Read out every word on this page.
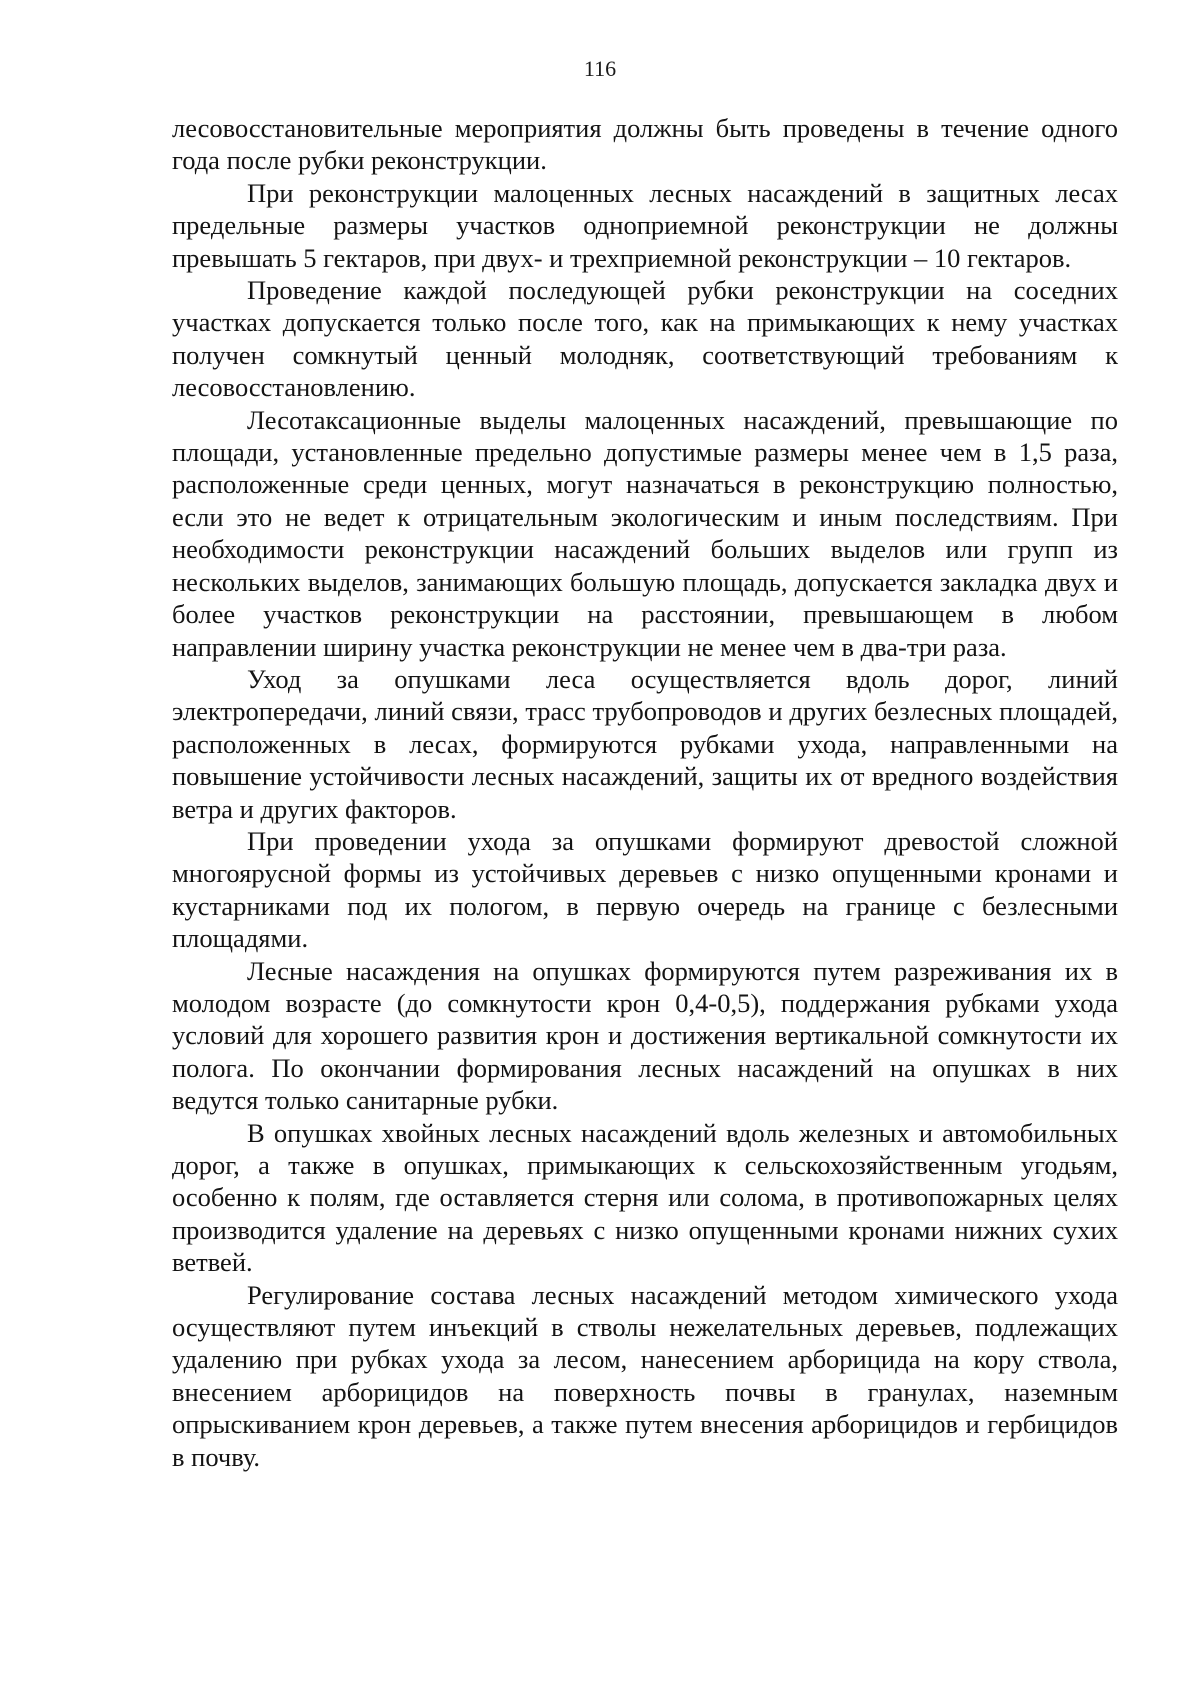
116

лесовосстановительные мероприятия должны быть проведены в течение одного года после рубки реконструкции.

При реконструкции малоценных лесных насаждений в защитных лесах предельные размеры участков одноприемной реконструкции не должны превышать 5 гектаров, при двух- и трехприемной реконструкции – 10 гектаров.

Проведение каждой последующей рубки реконструкции на соседних участках допускается только после того, как на примыкающих к нему участках получен сомкнутый ценный молодняк, соответствующий требованиям к лесовосстановлению.

Лесотаксационные выделы малоценных насаждений, превышающие по площади, установленные предельно допустимые размеры менее чем в 1,5 раза, расположенные среди ценных, могут назначаться в реконструкцию полностью, если это не ведет к отрицательным экологическим и иным последствиям. При необходимости реконструкции насаждений больших выделов или групп из нескольких выделов, занимающих большую площадь, допускается закладка двух и более участков реконструкции на расстоянии, превышающем в любом направлении ширину участка реконструкции не менее чем в два-три раза.

Уход за опушками леса осуществляется вдоль дорог, линий электропередачи, линий связи, трасс трубопроводов и других безлесных площадей, расположенных в лесах, формируются рубками ухода, направленными на повышение устойчивости лесных насаждений, защиты их от вредного воздействия ветра и других факторов.

При проведении ухода за опушками формируют древостой сложной многоярусной формы из устойчивых деревьев с низко опущенными кронами и кустарниками под их пологом, в первую очередь на границе с безлесными площадями.

Лесные насаждения на опушках формируются путем разреживания их в молодом возрасте (до сомкнутости крон 0,4-0,5), поддержания рубками ухода условий для хорошего развития крон и достижения вертикальной сомкнутости их полога. По окончании формирования лесных насаждений на опушках в них ведутся только санитарные рубки.

В опушках хвойных лесных насаждений вдоль железных и автомобильных дорог, а также в опушках, примыкающих к сельскохозяйственным угодьям, особенно к полям, где оставляется стерня или солома, в противопожарных целях производится удаление на деревьях с низко опущенными кронами нижних сухих ветвей.

Регулирование состава лесных насаждений методом химического ухода осуществляют путем инъекций в стволы нежелательных деревьев, подлежащих удалению при рубках ухода за лесом, нанесением арборицида на кору ствола, внесением арборицидов на поверхность почвы в гранулах, наземным опрыскиванием крон деревьев, а также путем внесения арборицидов и гербицидов в почву.
